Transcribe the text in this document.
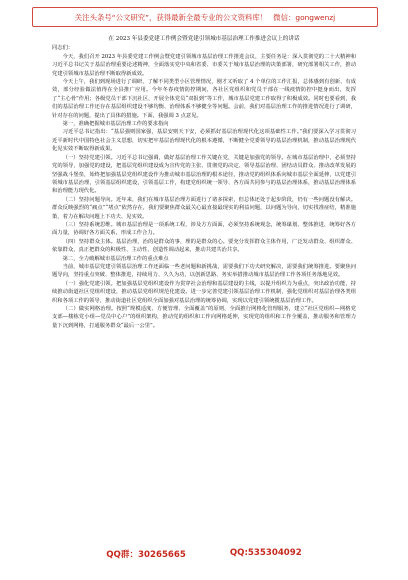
关注头条号“公文研究”，获得最新全最专业的公文资料库！ 微信：gongwenzj

在 2023 年县委党建工作例会暨党建引领城市基层治理工作推进会议上的讲话

同志们：

今天，我们召开 2023 年县委党建工作例会暨党建引领城市基层治理工作推进会议，主要任务是：深入贯彻党的二十大精神和习近平总书记关于基层治理重要论述精神，全面落实党中央和省委、市委关于城市基层治理的决策部署，研究部署相关工作，推动党建引领城市基层治理不断取得新成效。

今天上午，我们到现场进行了调研，了解不同类型小区管理情况，刚才又听取了 4 个单位的工作汇报，总体感到有创新、有成效，部分经验做法值得在全县推广应用。今年冬春疫情防控期间，各社区党组织和党员干部在一线疫情防控中挺身而出，发挥了“主心骨”作用；各级党员干部下沉社区，开展全体党员“双报到”等工作，城市基层党建工作取得了积极成效。同时也要看到，我们的基层治理工作还存在基层组织建设不够均衡、治理体系不够健全等问题。会前，我们对基层治理工作的推进情况进行了调研，针对存在的问题，提出了具体的措施。下面，我强调 3 点意见。

第一，准确把握城市基层治理工作的要求指向

习近平总书记指出：“基层强则国家强，基层安则天下安，必须抓好基层治理现代化这项基础性工作。”我们要深入学习贯彻习近平新时代中国特色社会主义思想，切实把牢基层治理现代化的根本遵循，不断健全党委领导的基层治理机制，推动基层治理现代化见实效不断取得新成果。

（一）坚持党建引领。习近平总书记强调，做好基层治理工作关键在党，关键是加强党的领导。在城市基层治理中，必须坚持党的领导，加强党的建设，把基层党组织建设成为宣传党的主张、贯彻党的决定、领导基层治理、团结动员群众、推动改革发展的坚强战斗堡垒，始终把加强基层党组织建设作为推动城市基层治理的根本途径，推动党的组织体系向城市基层全面延伸，以党建引领城市基层治理，引领基层组织建设，引领基层工作，构建党组织统一领导、各方面共同参与的基层治理体系，推动基层治理体系和治理能力现代化。

（二）坚持问题导向。近年来，我们在城市基层治理方面进行了诸多探索，但总体还处于起步阶段，仍有一些问题没有解决。群众反映强烈的“痛点”“堵点”依然存在，我们要聚焦群众最关心最直接最现实的利益问题，以问题为导向，切实找准症结，精准施策，着力在解决问题上下功夫、见实效。

（三）坚持系统思维。城市基层治理是一项系统工程，涉及方方面面，必须坚持系统观念，统筹谋划、整体推进，统筹好各方面力量，协调好各方面关系，形成工作合力。

（四）坚持群众主体。基层治理，治的是群众的事，理的是群众的心。要充分发挥群众主体作用，广泛发动群众、组织群众、依靠群众，真正把群众的积极性、主动性、创造性调动起来，推动共建共治共享。

第二，全力破解城市基层治理工作的重点难点

当前，城市基层党建引领基层治理工作还面临一些老问题和新挑战，需要我们下功夫研究解决，需要我们统筹推进。要聚焦问题导向，坚持重点突破、整体推进，持续用力、久久为功，以创新思路、务实举措推动城市基层治理工作各项任务落地见效。

（一）强化党建引领。把加强基层党组织建设作为贯穿社会治理和基层建设的主线，以提升组织力为重点，突出政治功能，持续推动街道社区党组织建设，推动基层党组织规范化建设。进一步完善党建引领基层治理工作机制，强化党组织对基层治理各类组织和各项工作的领导，推动街道社区党组织全面加强对基层治理的统筹协调，实现以党建引领统揽基层治理工作。

（二）做实网格治理。按照“规模适度、方便管理、全面覆盖”的原则，全面推行网格化管理服务，建立“社区党组织—网格党支部—楼栋党小组—党员中心户”的组织架构，推动党的组织和工作向网格延伸，实现党的组织和工作全覆盖，推动服务和管理力量下沉到网格，打通服务群众“最后一公里”。

QQ群：30265665	QQ:535304092
